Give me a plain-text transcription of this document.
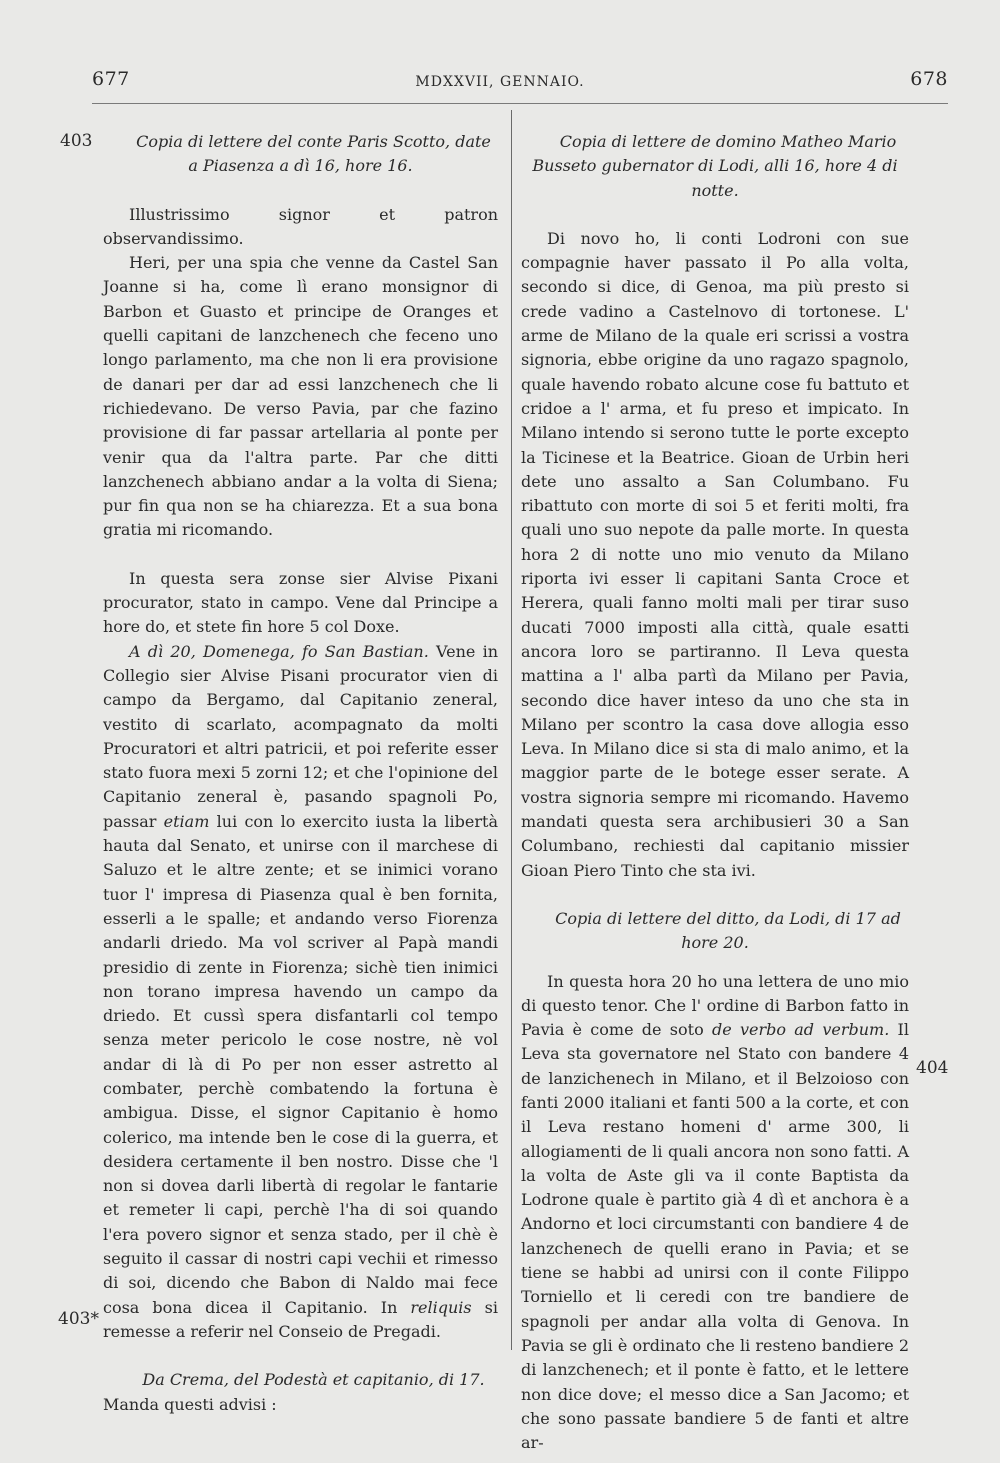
677	MDXXVII, GENNAIO.	678
403
403*
404

Copia di lettere del conte Paris Scotto, date a Piasenza a dì 16, hore 16.

Illustrissimo signor et patron observandissimo.

Heri, per una spia che venne da Castel San Joanne si ha, come lì erano monsignor di Barbon et Guasto et principe de Oranges et quelli capitani de lanzchenech che feceno uno longo parlamento, ma che non li era provisione de danari per dar ad essi lanzchenech che li richiedevano. De verso Pavia, par che fazino provisione di far passar artellaria al ponte per venir qua da l'altra parte. Par che ditti lanzchenech abbiano andar a la volta di Siena; pur fin qua non se ha chiarezza. Et a sua bona gratia mi ricomando.

In questa sera zonse sier Alvise Pixani procurator, stato in campo. Vene dal Principe a hore do, et stete fin hore 5 col Doxe.

A dì 20, Domenega, fo San Bastian. Vene in Collegio sier Alvise Pisani procurator vien di campo da Bergamo, dal Capitanio zeneral, vestito di scarlato, acompagnato da molti Procuratori et altri patricii, et poi referite esser stato fuora mexi 5 zorni 12; et che l'opinione del Capitanio zeneral è, pasando spagnoli Po, passar etiam lui con lo exercito iusta la libertà hauta dal Senato, et unirse con il marchese di Saluzo et le altre zente; et se inimici vorano tuor l' impresa di Piasenza qual è ben fornita, esserli a le spalle; et andando verso Fiorenza andarli driedo. Ma vol scriver al Papà mandi presidio di zente in Fiorenza; sichè tien inimici non torano impresa havendo un campo da driedo. Et cussì spera disfantarli col tempo senza meter pericolo le cose nostre, nè vol andar di là di Po per non esser astretto al combater, perchè combatendo la fortuna è ambigua. Disse, el signor Capitanio è homo colerico, ma intende ben le cose di la guerra, et desidera certamente il ben nostro. Disse che 'l non si dovea darli libertà di regolar le fantarie et remeter li capi, perchè l'ha di soi quando l'era povero signor et senza stado, per il chè è seguito il cassar di nostri capi vechii et rimesso di soi, dicendo che Babon di Naldo mai fece cosa bona dicea il Capitanio. In reliquis si remesse a referir nel Conseio de Pregadi.

Da Crema, del Podestà et capitanio, di 17.

Manda questi advisi :

Copia di lettere de domino Matheo Mario Busseto gubernator di Lodi, alli 16, hore 4 di notte.

Di novo ho, li conti Lodroni con sue compagnie haver passato il Po alla volta, secondo si dice, di Genoa, ma più presto si crede vadino a Castelnovo di tortonese. L' arme de Milano de la quale eri scrissi a vostra signoria, ebbe origine da uno ragazo spagnolo, quale havendo robato alcune cose fu battuto et cridoe a l' arma, et fu preso et impicato. In Milano intendo si serono tutte le porte excepto la Ticinese et la Beatrice. Gioan de Urbin heri dete uno assalto a San Columbano. Fu ribattuto con morte di soi 5 et feriti molti, fra quali uno suo nepote da palle morte. In questa hora 2 di notte uno mio venuto da Milano riporta ivi esser li capitani Santa Croce et Herera, quali fanno molti mali per tirar suso ducati 7000 imposti alla città, quale esatti ancora loro se partiranno. Il Leva questa mattina a l' alba partì da Milano per Pavia, secondo dice haver inteso da uno che sta in Milano per scontro la casa dove allogia esso Leva. In Milano dice si sta di malo animo, et la maggior parte de le botege esser serate. A vostra signoria sempre mi ricomando. Havemo mandati questa sera archibusieri 30 a San Columbano, rechiesti dal capitanio missier Gioan Piero Tinto che sta ivi.

Copia di lettere del ditto, da Lodi, di 17 ad hore 20.

In questa hora 20 ho una lettera de uno mio di questo tenor. Che l' ordine di Barbon fatto in Pavia è come de soto de verbo ad verbum. Il Leva sta governatore nel Stato con bandere 4 de lanzichenech in Milano, et il Belzoioso con fanti 2000 italiani et fanti 500 a la corte, et con il Leva restano homeni d' arme 300, li allogiamenti de li quali ancora non sono fatti. A la volta de Aste gli va il conte Baptista da Lodrone quale è partito già 4 dì et anchora è a Andorno et loci circumstanti con bandiere 4 de lanzchenech de quelli erano in Pavia; et se tiene se habbi ad unirsi con il conte Filippo Torniello et li ceredi con tre bandiere de spagnoli per andar alla volta di Genova. In Pavia se gli è ordinato che li resteno bandiere 2 di lanzchenech; et il ponte è fatto, et le lettere non dice dove; el messo dice a San Jacomo; et che sono passate bandiere 5 de fanti et altre ar-
